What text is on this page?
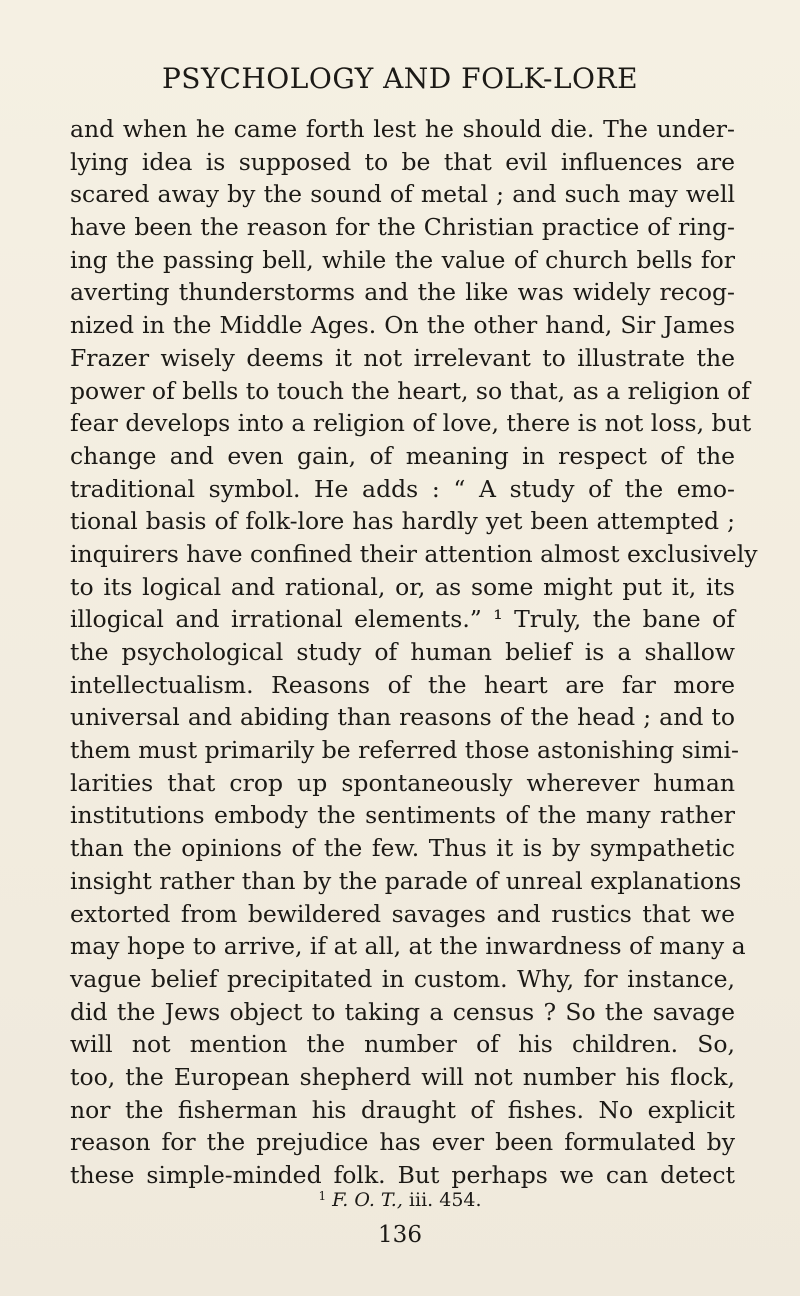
PSYCHOLOGY AND FOLK-LORE
and when he came forth lest he should die. The under-
lying idea is supposed to be that evil influences are
scared away by the sound of metal ; and such may well
have been the reason for the Christian practice of ring-
ing the passing bell, while the value of church bells for
averting thunderstorms and the like was widely recog-
nized in the Middle Ages. On the other hand, Sir James
Frazer wisely deems it not irrelevant to illustrate the
power of bells to touch the heart, so that, as a religion of
fear develops into a religion of love, there is not loss, but
change and even gain, of meaning in respect of the
traditional symbol. He adds : “ A study of the emo-
tional basis of folk-lore has hardly yet been attempted ;
inquirers have confined their attention almost exclusively
to its logical and rational, or, as some might put it, its
illogical and irrational elements.” ¹ Truly, the bane of
the psychological study of human belief is a shallow
intellectualism. Reasons of the heart are far more
universal and abiding than reasons of the head ; and to
them must primarily be referred those astonishing simi-
larities that crop up spontaneously wherever human
institutions embody the sentiments of the many rather
than the opinions of the few. Thus it is by sympathetic
insight rather than by the parade of unreal explanations
extorted from bewildered savages and rustics that we
may hope to arrive, if at all, at the inwardness of many a
vague belief precipitated in custom. Why, for instance,
did the Jews object to taking a census ? So the savage
will not mention the number of his children. So,
too, the European shepherd will not number his flock,
nor the fisherman his draught of fishes. No explicit
reason for the prejudice has ever been formulated by
these simple-minded folk. But perhaps we can detect
$^1$ F. O. T., iii. 454.
136
